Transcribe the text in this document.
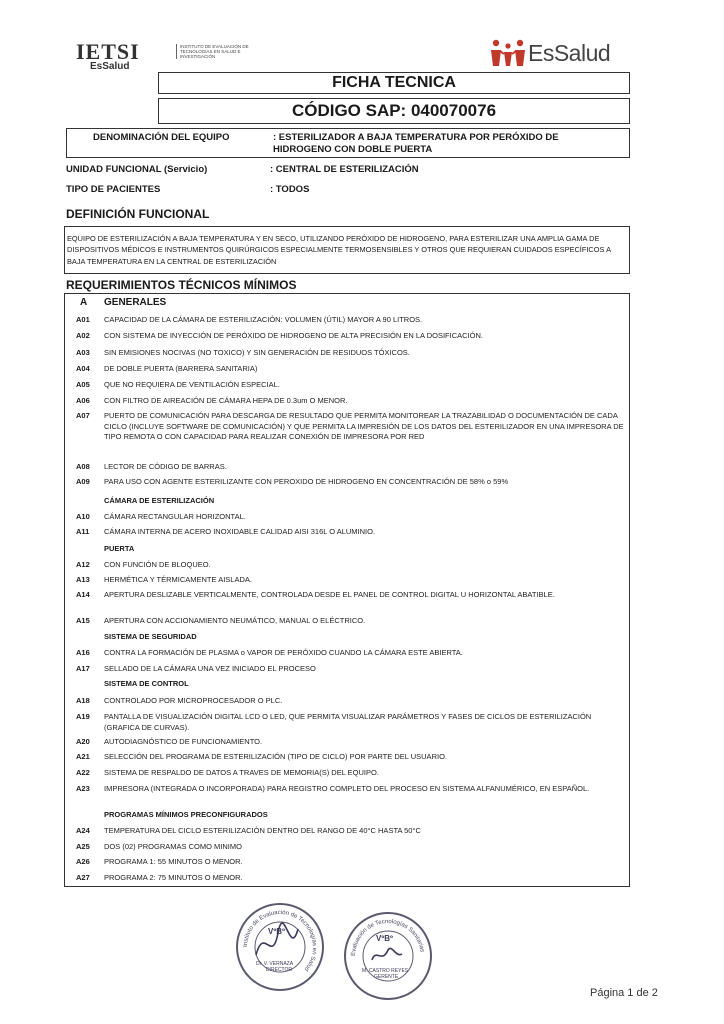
IETSI
EsSalud
INSTITUTO DE EVALUACIÓN DE TECNOLOGÍAS EN SALUD E INVESTIGACIÓN	EsSalud
FICHA TECNICA
CÓDIGO SAP: 040070076
DENOMINACIÓN DEL EQUIPO	: ESTERILIZADOR A BAJA TEMPERATURA POR PERÓXIDO DE HIDROGENO CON DOBLE PUERTA
UNIDAD FUNCIONAL (Servicio)	: CENTRAL DE ESTERILIZACIÓN
TIPO DE PACIENTES	: TODOS
DEFINICIÓN FUNCIONAL
EQUIPO DE ESTERILIZACIÓN A BAJA TEMPERATURA Y EN SECO, UTILIZANDO PERÓXIDO DE HIDROGENO, PARA ESTERILIZAR UNA AMPLIA GAMA DE DISPOSITIVOS MÉDICOS E INSTRUMENTOS QUIRÚRGICOS ESPECIALMENTE TERMOSENSIBLES Y OTROS QUE REQUIERAN CUIDADOS ESPECÍFICOS A BAJA TEMPERATURA EN LA CENTRAL DE ESTERILIZACIÓN
REQUERIMIENTOS TÉCNICOS MÍNIMOS
A GENERALES
A01 CAPACIDAD DE LA CÁMARA DE ESTERILIZACIÓN: VOLUMEN (ÚTIL) MAYOR A 90 LITROS.
A02 CON SISTEMA DE INYECCIÓN DE PERÓXIDO DE HIDROGENO DE ALTA PRECISIÓN EN LA DOSIFICACIÓN.
A03 SIN EMISIONES NOCIVAS (NO TOXICO) Y SIN GENERACIÓN DE RESIDUOS TÓXICOS.
A04 DE DOBLE PUERTA (BARRERA SANITARIA)
A05 QUE NO REQUIERA DE VENTILACIÓN ESPECIAL.
A06 CON FILTRO DE AIREACIÓN DE CÁMARA HEPA DE 0.3um O MENOR.
A07 PUERTO DE COMUNICACIÓN PARA DESCARGA DE RESULTADO QUE PERMITA MONITOREAR LA TRAZABILIDAD O DOCUMENTACIÓN DE CADA CICLO (INCLUYE SOFTWARE DE COMUNICACIÓN) Y QUE PERMITA LA IMPRESIÓN DE LOS DATOS DEL ESTERILIZADOR EN UNA IMPRESORA DE TIPO REMOTA O CON CAPACIDAD PARA REALIZAR CONEXIÓN DE IMPRESORA POR RED
A08 LECTOR DE CÓDIGO DE BARRAS.
A09 PARA USO CON AGENTE ESTERILIZANTE CON PEROXIDO DE HIDROGENO EN CONCENTRACIÓN DE 58% o 59%
CÁMARA DE ESTERILIZACIÓN
A10 CÁMARA RECTANGULAR HORIZONTAL.
A11 CÁMARA INTERNA DE ACERO INOXIDABLE CALIDAD AISI 316L O ALUMINIO.
PUERTA
A12 CON FUNCIÓN DE BLOQUEO.
A13 HERMÉTICA Y TÉRMICAMENTE AISLADA.
A14 APERTURA DESLIZABLE VERTICALMENTE, CONTROLADA DESDE EL PANEL DE CONTROL DIGITAL U HORIZONTAL ABATIBLE.
A15 APERTURA CON ACCIONAMIENTO NEUMÁTICO, MANUAL O ELÉCTRICO.
SISTEMA DE SEGURIDAD
A16 CONTRA LA FORMACIÓN DE PLASMA o VAPOR DE PERÓXIDO CUANDO LA CÁMARA ESTE ABIERTA.
A17 SELLADO DE LA CÁMARA UNA VEZ INICIADO EL PROCESO
SISTEMA DE CONTROL
A18 CONTROLADO POR MICROPROCESADOR O PLC.
A19 PANTALLA DE VISUALIZACIÓN DIGITAL LCD O LED, QUE PERMITA VISUALIZAR PARÁMETROS Y FASES DE CICLOS DE ESTERILIZACIÓN (GRAFICA DE CURVAS).
A20 AUTODIAGNÓSTICO DE FUNCIONAMIENTO.
A21 SELECCIÓN DEL PROGRAMA DE ESTERILIZACIÓN (TIPO DE CICLO) POR PARTE DEL USUARIO.
A22 SISTEMA DE RESPALDO DE DATOS A TRAVES DE MEMORIA(S) DEL EQUIPO.
A23 IMPRESORA (INTEGRADA O INCORPORADA) PARA REGISTRO COMPLETO DEL PROCESO EN SISTEMA ALFANUMÉRICO, EN ESPAÑOL.
PROGRAMAS MÍNIMOS PRECONFIGURADOS
A24 TEMPERATURA DEL CICLO ESTERILIZACIÓN DENTRO DEL RANGO DE 40°C HASTA 50°C
A25 DOS (02) PROGRAMAS COMO MINIMO
A26 PROGRAMA 1: 55 MINUTOS O MENOR.
A27 PROGRAMA 2: 75 MINUTOS O MENOR.
Instituto de Evaluación de Tecnologías en Salud
VºBº
Dr. V. VERNAZA
DIRECTOR
Evaluación de Tecnologías Sanitarias
VºBº
M. CASTRO REYES
GERENTE
Página 1 de 2
